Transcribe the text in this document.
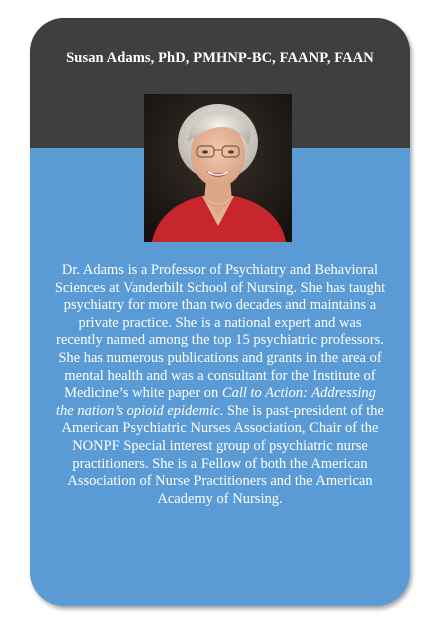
Susan Adams, PhD, PMHNP-BC, FAANP, FAAN
Dr. Adams is a Professor of Psychiatry and Behavioral Sciences at Vanderbilt School of Nursing. She has taught psychiatry for more than two decades and maintains a private practice. She is a national expert and was recently named among the top 15 psychiatric professors. She has numerous publications and grants in the area of mental health and was a consultant for the Institute of Medicine’s white paper on Call to Action: Addressing the nation’s opioid epidemic. She is past-president of the American Psychiatric Nurses Association, Chair of the NONPF Special interest group of psychiatric nurse practitioners. She is a Fellow of both the American Association of Nurse Practitioners and the American Academy of Nursing.
